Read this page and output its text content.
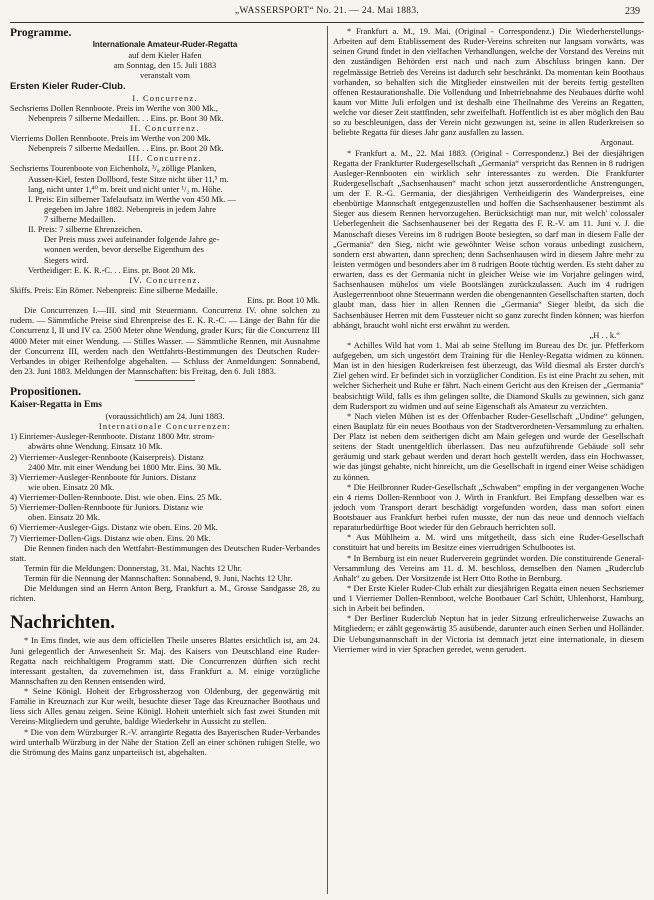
„WASSERSPORT“ No. 21. — 24. Mai 1883.	239

Programme.

Internationale Amateur-Ruder-Regatta

auf dem Kieler Hafen

am Sonntag, den 15. Juli 1883

veranstalt vom

Ersten Kieler Ruder-Club.

I. Concurrenz.

Sechsriems Dollen Rennboote. Preis im Werthe von 300 Mk.,

Nebenpreis 7 silberne Medaillen. . . Eins. pr. Boot 30 Mk.

II. Concurrenz.

Vierriems Dollen Rennboote. Preis im Werthe von 200 Mk.

Nebenpreis 7 silberne Medaillen. . . Eins. pr. Boot 20 Mk.

III. Concurrenz.

Sechsriems Tourenboote von Eichenholz, ³/₈ zöllige Planken,

Aussen-Kiel, festen Dollbord, feste Sitze nicht über 11,⁵ m.

lang, nicht unter 1,⁴⁰ m. breit und nicht unter ¹/₂ m. Höhe.

I. Preis: Ein silberner Tafelaufsatz im Werthe von 450 Mk. —

gegeben im Jahre 1882. Nebenpreis in jedem Jahre

7 silberne Medaillen.

II. Preis: 7 silberne Ehrenzeichen.

Der Preis muss zwei aufeinander folgende Jahre ge-

wonnen werden, bevor derselbe Eigenthum des

Siegers wird.

Vertheidiger: E. K. R.-C. . . Eins. pr. Boot 20 Mk.

IV. Concurrenz.

Skiffs. Preis: Ein Römer. Nebenpreis: Eine silberne Medaille.

Eins. pr. Boot 10 Mk.

Die Concurrenzen I.—III. sind mit Steuermann. Concurrenz IV. ohne solchen zu rudern. — Sämmtliche Preise sind Ehrenpreise des E. K. R.-C. — Länge der Bahn für die Concurrenz I, II und IV ca. 2500 Meter ohne Wendung, grader Kurs; für die Concurrenz III 4000 Meter mit einer Wendung. — Stilles Wasser. — Sämmtliche Rennen, mit Ausnahme der Concurrenz III, werden nach den Wettfahrts-Bestimmungen des Deutschen Ruder-Verbandes in obiger Reihenfolge abgehalten. — Schluss der Anmeldungen: Sonnabend, den 23. Juni 1883. Meldungen der Mannschaften: bis Freitag, den 6. Juli 1883.

Propositionen.

Kaiser-Regatta in Ems

(voraussichtlich) am 24. Juni 1883.

Internationale Concurrenzen:

1) Einriemer-Ausleger-Rennboote. Distanz 1800 Mtr. strom-

abwärts ohne Wendung. Einsatz 10 Mk.

2) Vierriemer-Ausleger-Rennboote (Kaiserpreis). Distanz

2400 Mtr. mit einer Wendung bei 1800 Mtr. Eins. 30 Mk.

3) Vierriemer-Ausleger-Rennboote für Juniors. Distanz

wie oben. Einsatz 20 Mk.

4) Vierriemer-Dollen-Rennboote. Dist. wie oben. Eins. 25 Mk.

5) Vierriemer-Dollen-Rennboote für Juniors. Distanz wie

oben. Einsatz 20 Mk.

6) Vierriemer-Ausleger-Gigs. Distanz wie oben. Eins. 20 Mk.

7) Vierriemer-Dollen-Gigs. Distanz wie oben. Eins. 20 Mk.

Die Rennen finden nach den Wettfahrt-Bestimmungen des Deutschen Ruder-Verbandes statt.

Termin für die Meldungen: Donnerstag, 31. Mai, Nachts 12 Uhr.

Termin für die Nennung der Mannschaften: Sonnabend, 9. Juni, Nachts 12 Uhr.

Die Meldungen sind an Herrn Anton Berg, Frankfurt a. M., Grosse Sandgasse 28, zu richten.

Nachrichten.

* In Ems findet, wie aus dem officiellen Theile unseres Blattes ersichtlich ist, am 24. Juni gelegentlich der Anwesenheit Sr. Maj. des Kaisers von Deutschland eine Ruder-Regatta nach reichhaltigem Programm statt. Die Concurrenzen dürften sich recht interessant gestalten, da zuvernehmen ist, dass Frankfurt a. M. einige vorzügliche Mannschaften zu den Rennen entsenden wird.

* Seine Königl. Hoheit der Erbgrossherzog von Oldenburg, der gegenwärtig mit Familie in Kreuznach zur Kur weilt, besuchte dieser Tage das Kreuznacher Boothaus und liess sich Alles genau zeigen. Seine Königl. Hoheit unterhielt sich fast zwei Stunden mit Vereins-Mitgliedern und geruhte, baldige Wiederkehr in Aussicht zu stellen.

* Die von dem Würzburger R.-V. arrangirte Regatta des Bayerischen Ruder-Verbandes wird unterhalb Würzburg in der Nähe der Station Zell an einer schönen ruhigen Stelle, wo die Strömung des Mains ganz unparteiisch ist, abgehalten.

* Frankfurt a. M., 19. Mai. (Original - Correspondenz.) Die Wiederherstellungs-Arbeiten auf dem Etablissement des Ruder-Vereins schreiten nur langsam vorwärts, was seinen Grund findet in den vielfachen Verhandlungen, welche der Vorstand des Vereins mit den zuständigen Behörden erst nach und nach zum Abschluss bringen kann. Der regelmässige Betrieb des Vereins ist dadurch sehr beschränkt. Da momentan kein Boothaus vorhanden, so behalfen sich die Mitglieder einstweilen mit der bereits fertig gestellten offenen Restaurationshalle. Die Vollendung und Inbetriebnahme des Neubaues dürfte wohl kaum vor Mitte Juli erfolgen und ist deshalb eine Theilnahme des Vereins an Regatten, welche vor dieser Zeit stattfinden, sehr zweifelhaft. Hoffentlich ist es aber möglich den Bau so zu beschleunigen, dass der Verein nicht gezwungen ist, seine in allen Ruderkreisen so beliebte Regatta für dieses Jahr ganz ausfallen zu lassen.

Argonaut.

* Frankfurt a. M., 22. Mai 1883. (Original - Correspondenz.) Bei der diesjährigen Regatta der Frankfurter Rudergesellschaft „Germania“ verspricht das Rennen in 8 rudrigen Ausleger-Rennbooten ein wirklich sehr interessantes zu werden. Die Frankfurter Rudergesellschaft „Sachsenhausen“ macht schon jetzt ausserordentliche Anstrengungen, um der F. R.-G. Germania, der diesjährigen Vertheidigerin des Wanderpreises, eine ebenbürtige Mannschaft entgegenzustellen und hoffen die Sachsenhausener bestimmt als Sieger aus diesem Rennen hervorzugehen. Berücksichtigt man nur, mit welch' colossaler Ueberlegenheit die Sachsenhausener bei der Regatta des F. R.-V. am 11. Juni v. J. die Mannschaft dieses Vereins im 8 rudrigen Boote besiegten, so darf man in diesem Falle der „Germania“ den Sieg, nicht wie gewöhnter Weise schon voraus unbedingt zusichern, sondern erst abwarten, dann sprechen; denn Sachsenhausen wird in diesem Jahre mehr zu leisten vermögen und besonders aber im 8 rudrigen Boote tüchtig werden. Es steht daher zu erwarten, dass es der Germania nicht in gleicher Weise wie im Vorjahre gelingen wird, Sachsenhausen mühelos um viele Bootslängen zurückzulassen. Auch im 4 rudrigen Auslegerrennboot ohne Steuermann werden die obengenannten Gesellschaften starten, doch glaubt man, dass hier in allen Rennen die „Germania“ Sieger bleibt, da sich die Sachsenhäuser Herren mit dem Fussteuer nicht so ganz zurecht finden können; was hierfon abhängt, braucht wohl nicht erst erwähnt zu werden.

„H . . k.“

* Achilles Wild hat vom 1. Mai ab seine Stellung im Bureau des Dr. jur. Pfefferkorn aufgegeben, um sich ungestört dem Training für die Henley-Regatta widmen zu können. Man ist in den hiesigen Ruderkreisen fest überzeugt, das Wild diesmal als Erster durch's Ziel gehen wird. Er befindet sich in vorzüglicher Condition. Es ist eine Pracht zu sehen, mit welcher Sicherheit und Ruhe er fährt. Nach einem Gericht aus den Kreisen der „Germania“ beabsichtigt Wild, falls es ihm gelingen sollte, die Diamond Skulls zu gewinnen, sich ganz dem Rudersport zu widmen und auf seine Eigenschaft als Amateur zu verzichten.

* Nach vielen Mühen ist es der Offenbacher Ruder-Gesellschaft „Undine“ gelungen, einen Bauplatz für ein neues Boothaus von der Stadtverordneten-Versammlung zu erhalten. Der Platz ist neben dem seitherigen dicht am Main gelegen und wurde der Gesellschaft seitens der Stadt unentgeltlich überlassen. Das neu aufzuführende Gebäude soll sehr geräumig und stark gebaut werden und derart hoch gestellt werden, dass ein Hochwasser, wie das jüngst gehabte, nicht hinreicht, um die Gesellschaft in irgend einer Weise schädigen zu können.

* Die Heilbronner Ruder-Gesellschaft „Schwaben“ empfing in der vergangenen Woche ein 4 riems Dollen-Rennboot von J. Wirth in Frankfurt. Bei Empfang desselben war es jedoch vom Transport derart beschädigt vorgefunden worden, dass man sofort einen Bootsbauer aus Frankfurt herbei rufen musste, der nun das neue und dennoch vielfach reparaturbedürftige Boot wieder für den Gebrauch herrichten soll.

* Aus Mühlheim a. M. wird uns mitgetheilt, dass sich eine Ruder-Gesellschaft constituirt hat und bereits im Besitze eines vierrudrigen Schulbootes ist.

* In Bernburg ist ein neuer Ruderverein gegründet worden. Die constituirende General-Versammlung des Vereins am 11. d. M. beschloss, demselben den Namen „Ruderclub Anhalt“ zu geben. Der Vorsitzende ist Herr Otto Rothe in Bernburg.

* Der Erste Kieler Ruder-Club erhält zur diesjährigen Regatta einen neuen Sechsriemer und 1 Vierriemer Dollen-Rennboot, welche Bootbauer Carl Schütt, Uhlenhorst, Hamburg, sich in Arbeit bei befinden.

* Der Berliner Ruderclub Neptun hat in jeder Sitzung erfreulicherweise Zuwachs an Mitgliedern; er zählt gegenwärtig 35 ausübende, darunter auch einen Serben und Holländer. Die Uebungsmannschaft in der Victoria ist demnach jetzt eine internationale, in diesem Vierriemer wird in vier Sprachen geredet, wenn gerudert.
